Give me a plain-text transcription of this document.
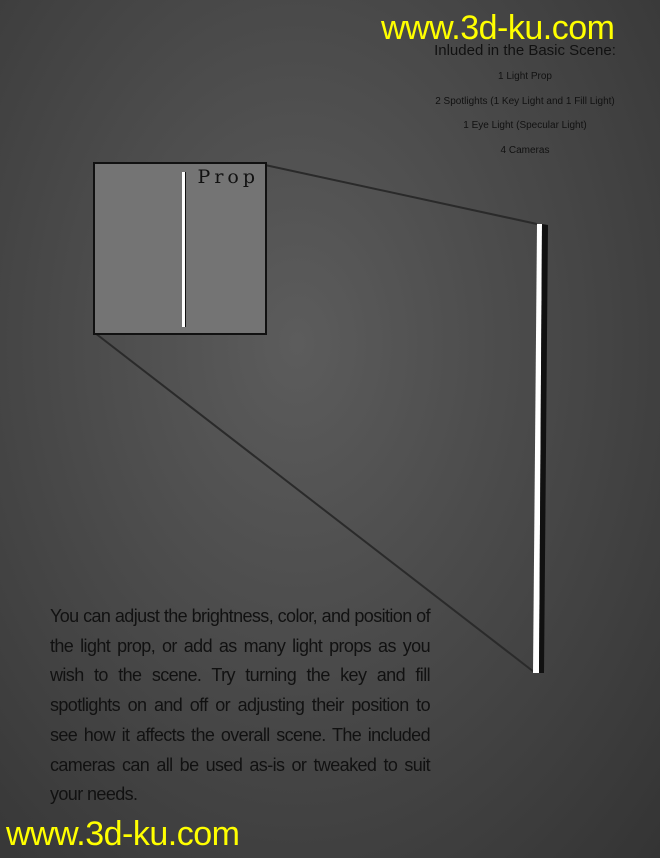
www.3d-ku.com
Inluded in the Basic Scene:
1 Light Prop
2 Spotlights (1 Key Light and 1 Fill Light)
1 Eye Light (Specular Light)
4 Cameras
Prop
You can adjust the brightness, color, and position of the light prop, or add as many light props as you wish to the scene. Try turning the key and fill spotlights on and off or adjusting their position to see how it affects the overall scene. The included cameras can all be used as-is or tweaked to suit your needs.
www.3d-ku.com
